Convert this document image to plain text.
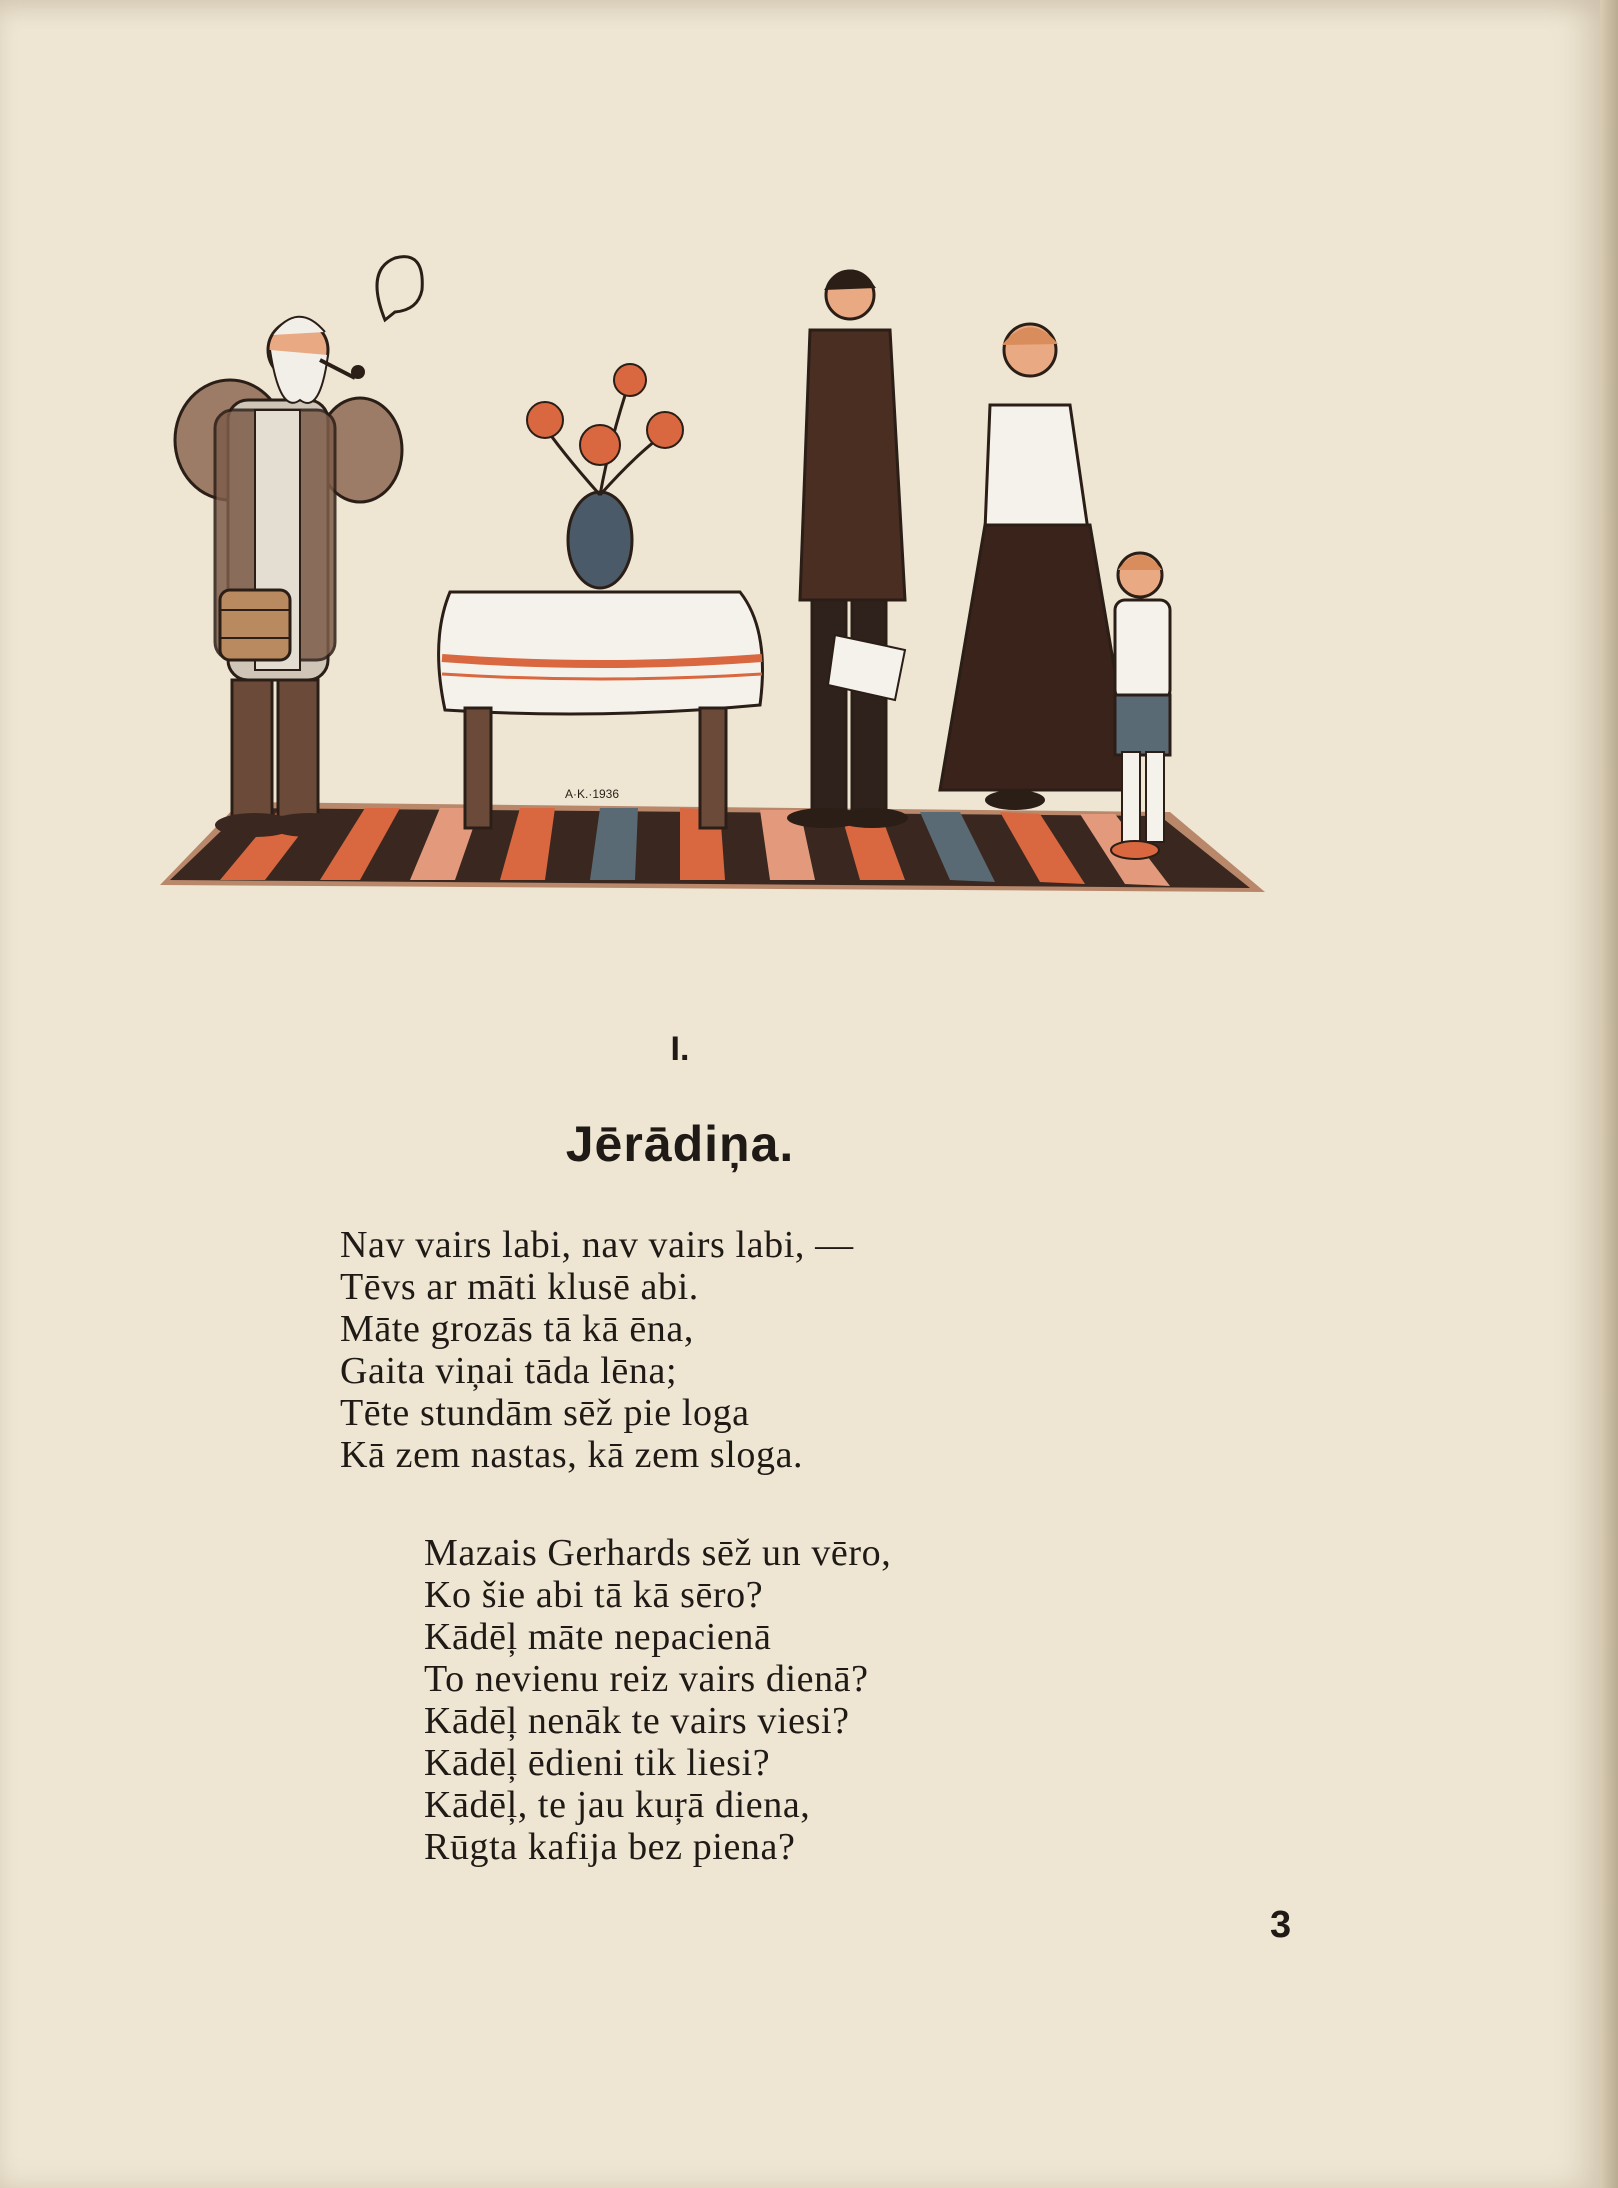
A·K.·1936
I.
Jērādiņa.
Nav vairs labi, nav vairs labi, —
Tēvs ar māti klusē abi.
Māte grozās tā kā ēna,
Gaita viņai tāda lēna;
Tēte stundām sēž pie loga
Kā zem nastas, kā zem sloga.
Mazais Gerhards sēž un vēro,
Ko šie abi tā kā sēro?
Kādēļ māte nepacienā
To nevienu reiz vairs dienā?
Kādēļ nenāk te vairs viesi?
Kādēļ ēdieni tik liesi?
Kādēļ, te jau kuŗā diena,
Rūgta kafija bez piena?
3
